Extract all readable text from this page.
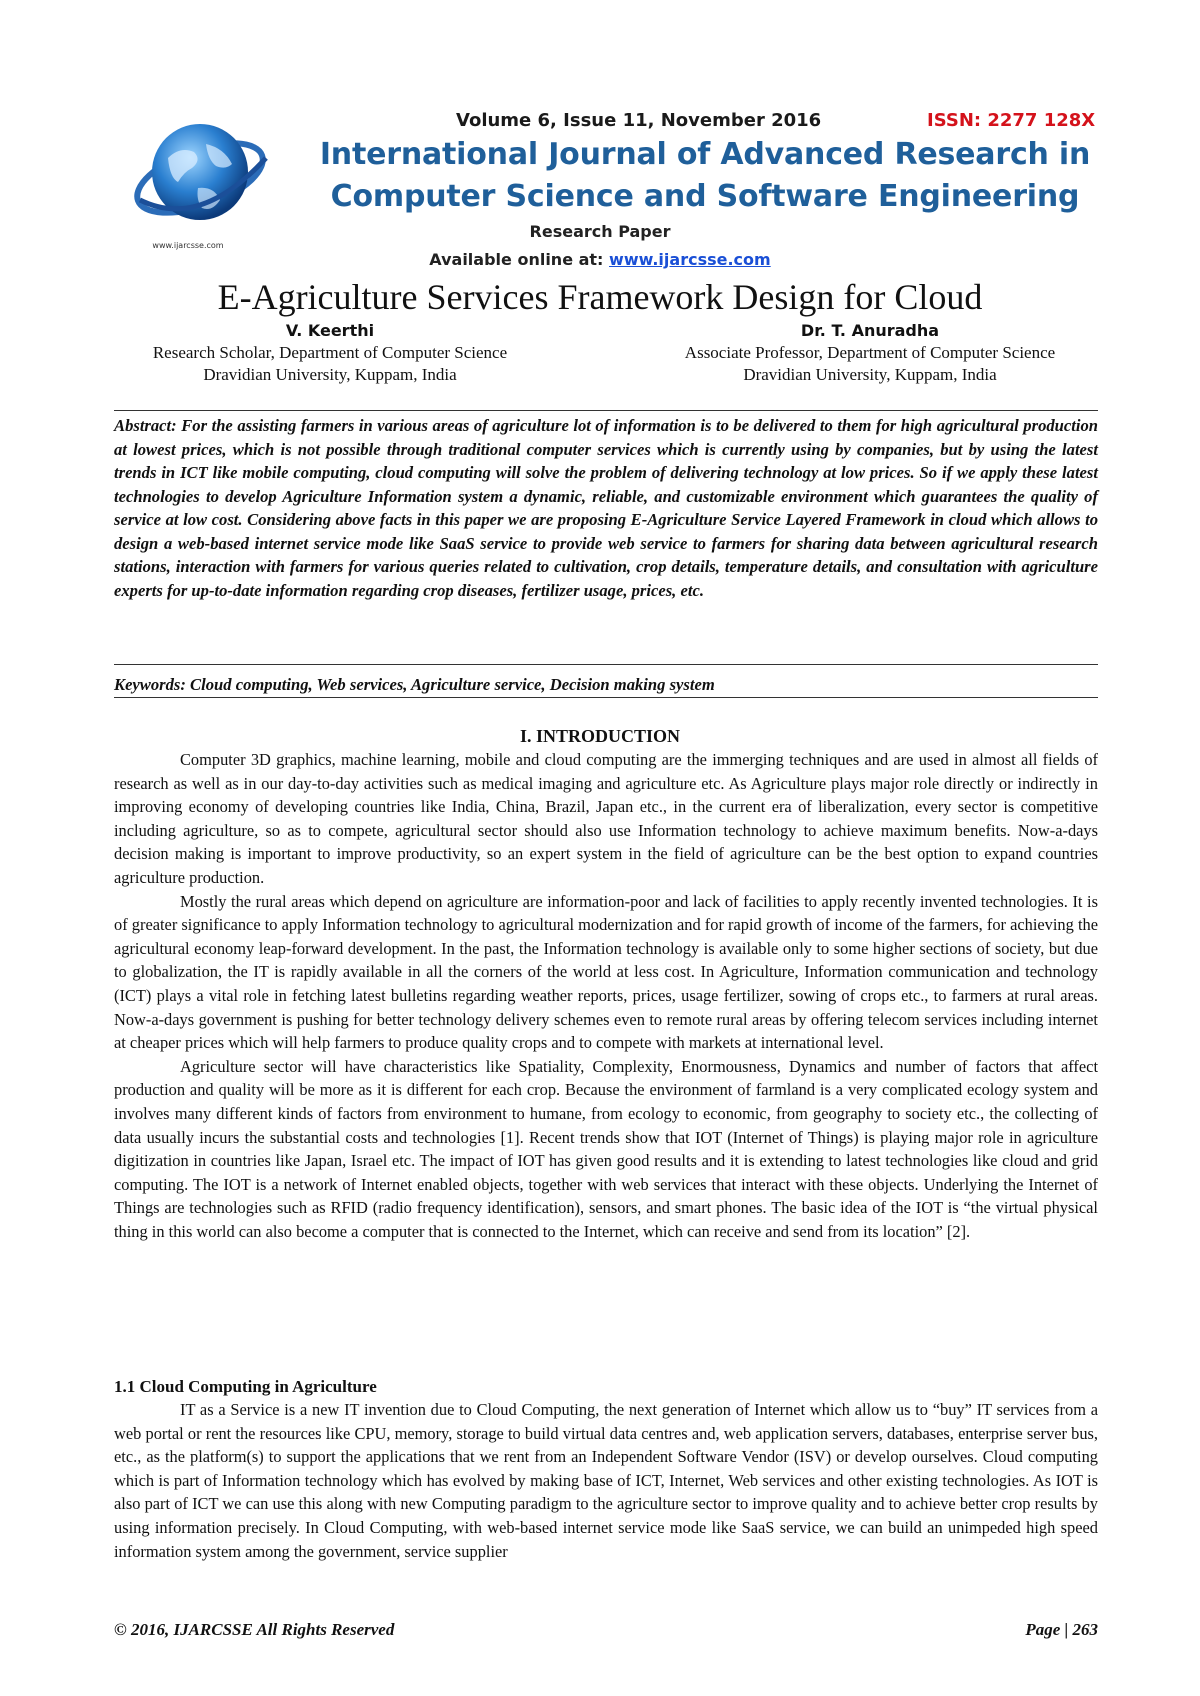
www.ijarcsse.com
Volume 6, Issue 11, November 2016	ISSN: 2277 128X
International Journal of Advanced Research in
Computer Science and Software Engineering
Research Paper
Available online at: www.ijarcsse.com
E-Agriculture Services Framework Design for Cloud
V. Keerthi
Research Scholar, Department of Computer Science
Dravidian University, Kuppam, India
Dr. T. Anuradha
Associate Professor, Department of Computer Science
Dravidian University, Kuppam, India

Abstract: For the assisting farmers in various areas of agriculture lot of information is to be delivered to them for high agricultural production at lowest prices, which is not possible through traditional computer services which is currently using by companies, but by using the latest trends in ICT like mobile computing, cloud computing will solve the problem of delivering technology at low prices. So if we apply these latest technologies to develop Agriculture Information system a dynamic, reliable, and customizable environment which guarantees the quality of service at low cost. Considering above facts in this paper we are proposing E-Agriculture Service Layered Framework in cloud which allows to design a web-based internet service mode like SaaS service to provide web service to farmers for sharing data between agricultural research stations, interaction with farmers for various queries related to cultivation, crop details, temperature details, and consultation with agriculture experts for up-to-date information regarding crop diseases, fertilizer usage, prices, etc.

Keywords: Cloud computing, Web services, Agriculture service, Decision making system

I. INTRODUCTION

Computer 3D graphics, machine learning, mobile and cloud computing are the immerging techniques and are used in almost all fields of research as well as in our day-to-day activities such as medical imaging and agriculture etc. As Agriculture plays major role directly or indirectly in improving economy of developing countries like India, China, Brazil, Japan etc., in the current era of liberalization, every sector is competitive including agriculture, so as to compete, agricultural sector should also use Information technology to achieve maximum benefits. Now-a-days decision making is important to improve productivity, so an expert system in the field of agriculture can be the best option to expand countries agriculture production.

Mostly the rural areas which depend on agriculture are information-poor and lack of facilities to apply recently invented technologies. It is of greater significance to apply Information technology to agricultural modernization and for rapid growth of income of the farmers, for achieving the agricultural economy leap-forward development. In the past, the Information technology is available only to some higher sections of society, but due to globalization, the IT is rapidly available in all the corners of the world at less cost. In Agriculture, Information communication and technology (ICT) plays a vital role in fetching latest bulletins regarding weather reports, prices, usage fertilizer, sowing of crops etc., to farmers at rural areas. Now-a-days government is pushing for better technology delivery schemes even to remote rural areas by offering telecom services including internet at cheaper prices which will help farmers to produce quality crops and to compete with markets at international level.

Agriculture sector will have characteristics like Spatiality, Complexity, Enormousness, Dynamics and number of factors that affect production and quality will be more as it is different for each crop. Because the environment of farmland is a very complicated ecology system and involves many different kinds of factors from environment to humane, from ecology to economic, from geography to society etc., the collecting of data usually incurs the substantial costs and technologies [1]. Recent trends show that IOT (Internet of Things) is playing major role in agriculture digitization in countries like Japan, Israel etc. The impact of IOT has given good results and it is extending to latest technologies like cloud and grid computing. The IOT is a network of Internet enabled objects, together with web services that interact with these objects. Underlying the Internet of Things are technologies such as RFID (radio frequency identification), sensors, and smart phones. The basic idea of the IOT is “the virtual physical thing in this world can also become a computer that is connected to the Internet, which can receive and send from its location” [2].

1.1 Cloud Computing in Agriculture

IT as a Service is a new IT invention due to Cloud Computing, the next generation of Internet which allow us to “buy” IT services from a web portal or rent the resources like CPU, memory, storage to build virtual data centres and, web application servers, databases, enterprise server bus, etc., as the platform(s) to support the applications that we rent from an Independent Software Vendor (ISV) or develop ourselves. Cloud computing which is part of Information technology which has evolved by making base of ICT, Internet, Web services and other existing technologies. As IOT is also part of ICT we can use this along with new Computing paradigm to the agriculture sector to improve quality and to achieve better crop results by using information precisely. In Cloud Computing, with web-based internet service mode like SaaS service, we can build an unimpeded high speed information system among the government, service supplier

© 2016, IJARCSSE All Rights Reserved	Page | 263
